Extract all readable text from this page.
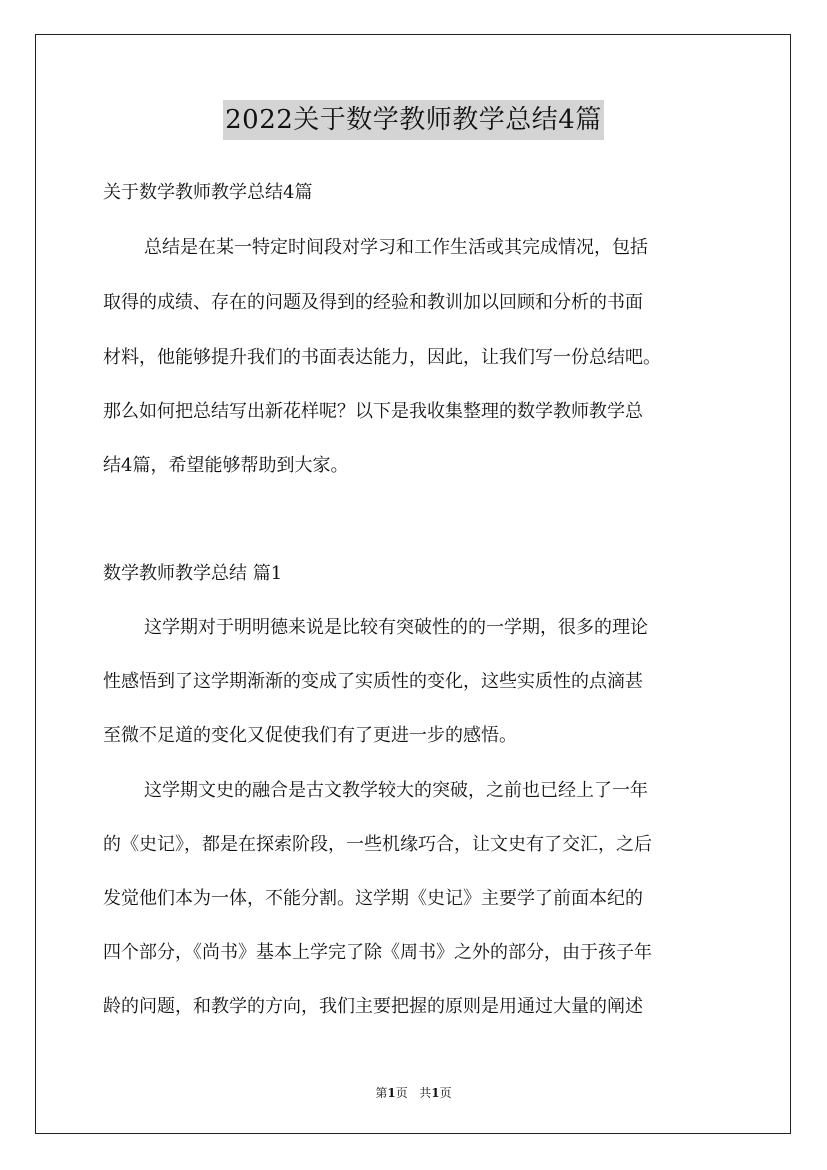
2022关于数学教师教学总结4篇
关于数学教师教学总结4篇
总结是在某一特定时间段对学习和工作生活或其完成情况，包括
取得的成绩、存在的问题及得到的经验和教训加以回顾和分析的书面
材料，他能够提升我们的书面表达能力，因此，让我们写一份总结吧。
那么如何把总结写出新花样呢？以下是我收集整理的数学教师教学总
结4篇，希望能够帮助到大家。
数学教师教学总结 篇1
这学期对于明明德来说是比较有突破性的的一学期，很多的理论
性感悟到了这学期渐渐的变成了实质性的变化，这些实质性的点滴甚
至微不足道的变化又促使我们有了更进一步的感悟。
这学期文史的融合是古文教学较大的突破，之前也已经上了一年
的《史记》，都是在探索阶段，一些机缘巧合，让文史有了交汇，之后
发觉他们本为一体，不能分割。这学期《史记》主要学了前面本纪的
四个部分，《尚书》基本上学完了除《周书》之外的部分，由于孩子年
龄的问题，和教学的方向，我们主要把握的原则是用通过大量的阐述
第1页 共1页
